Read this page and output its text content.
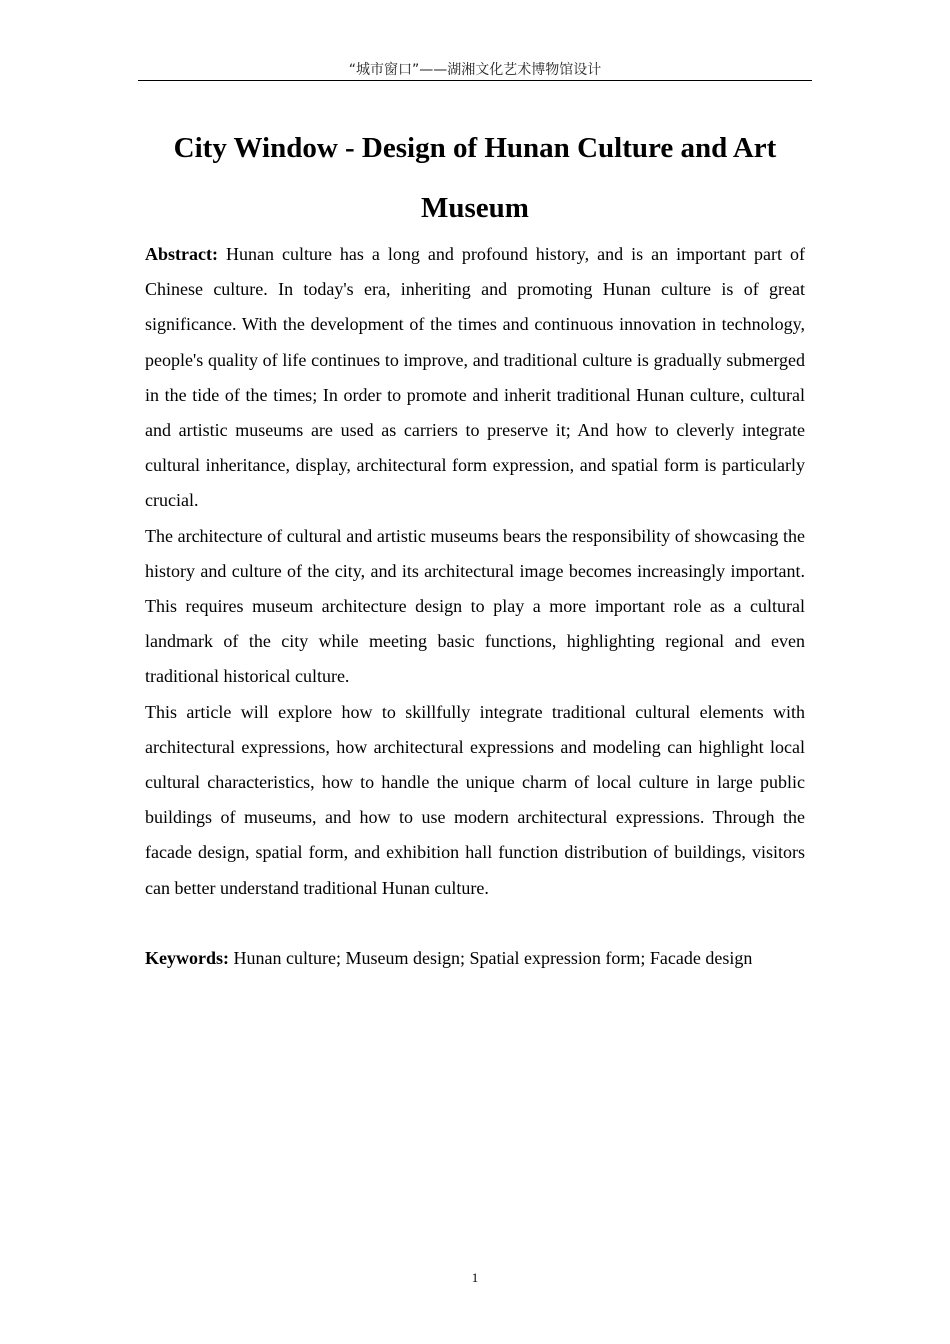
“城市窗口”——湖湘文化艺术博物馆设计
City Window - Design of Hunan Culture and Art Museum

Abstract: Hunan culture has a long and profound history, and is an important part of Chinese culture. In today's era, inheriting and promoting Hunan culture is of great significance. With the development of the times and continuous innovation in technology, people's quality of life continues to improve, and traditional culture is gradually submerged in the tide of the times; In order to promote and inherit traditional Hunan culture, cultural and artistic museums are used as carriers to preserve it; And how to cleverly integrate cultural inheritance, display, architectural form expression, and spatial form is particularly crucial.

The architecture of cultural and artistic museums bears the responsibility of showcasing the history and culture of the city, and its architectural image becomes increasingly important. This requires museum architecture design to play a more important role as a cultural landmark of the city while meeting basic functions, highlighting regional and even traditional historical culture.

This article will explore how to skillfully integrate traditional cultural elements with architectural expressions, how architectural expressions and modeling can highlight local cultural characteristics, how to handle the unique charm of local culture in large public buildings of museums, and how to use modern architectural expressions. Through the facade design, spatial form, and exhibition hall function distribution of buildings, visitors can better understand traditional Hunan culture.

Keywords: Hunan culture; Museum design; Spatial expression form; Facade design

1
